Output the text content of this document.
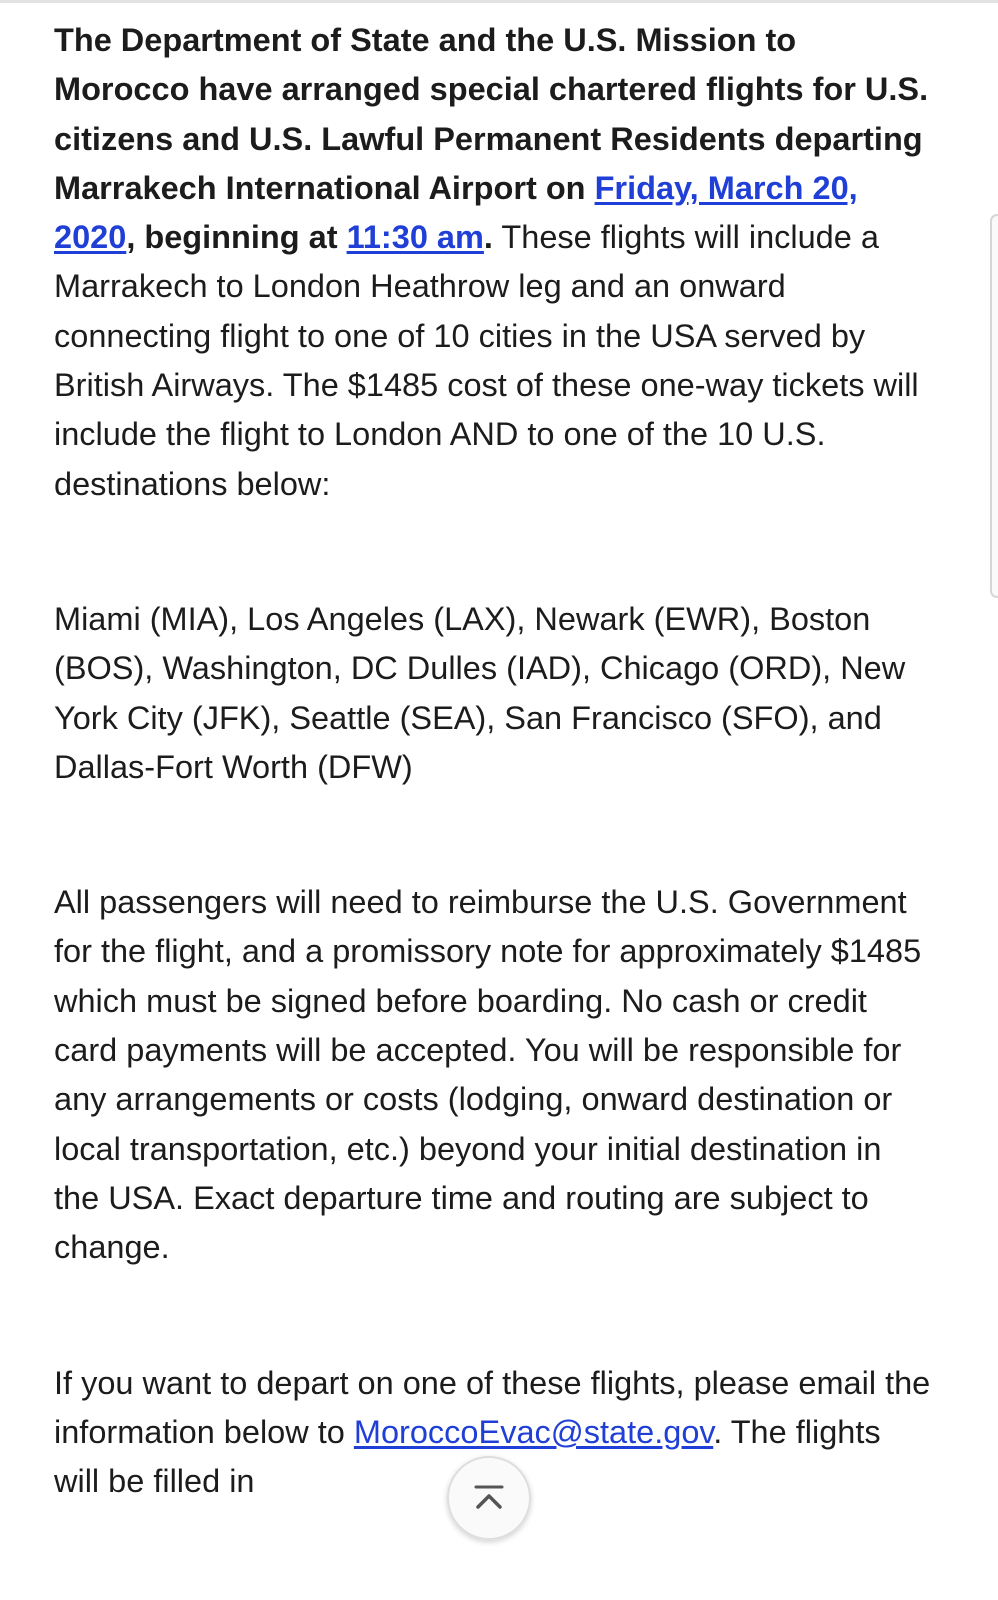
The Department of State and the U.S. Mission to Morocco have arranged special chartered flights for U.S. citizens and U.S. Lawful Permanent Residents departing Marrakech International Airport on Friday, March 20, 2020, beginning at 11:30 am. These flights will include a Marrakech to London Heathrow leg and an onward connecting flight to one of 10 cities in the USA served by British Airways. The $1485 cost of these one-way tickets will include the flight to London AND to one of the 10 U.S. destinations below:

Miami (MIA), Los Angeles (LAX), Newark (EWR), Boston (BOS), Washington, DC Dulles (IAD), Chicago (ORD), New York City (JFK), Seattle (SEA), San Francisco (SFO), and Dallas-Fort Worth (DFW)

All passengers will need to reimburse the U.S. Government for the flight, and a promissory note for approximately $1485 which must be signed before boarding. No cash or credit card payments will be accepted. You will be responsible for any arrangements or costs (lodging, onward destination or local transportation, etc.) beyond your initial destination in the USA. Exact departure time and routing are subject to change.

If you want to depart on one of these flights, please email the information below to MoroccoEvac@state.gov. The flights will be filled in
